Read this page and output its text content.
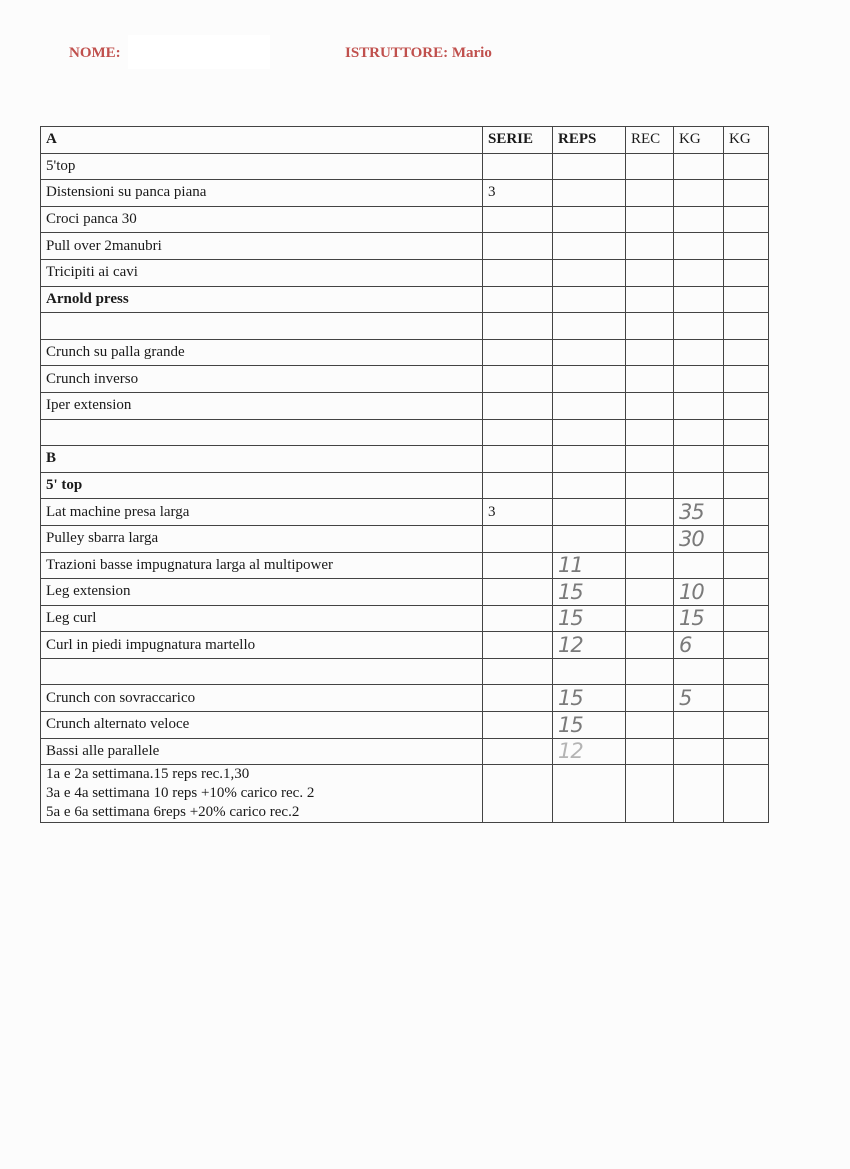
NOME:	ISTRUTTORE: Mario
A	SERIE	REPS	REC	KG	KG
5'top					
Distensioni su panca piana	3				
Croci panca 30					
Pull over 2manubri					
Tricipiti ai cavi					
Arnold press					

Crunch su palla grande					
Crunch inverso					
Iper extension					

B					
5' top					
Lat machine presa larga	3			35	
Pulley sbarra larga				30	
Trazioni basse impugnatura larga al multipower		11			
Leg extension		15		10	
Leg curl		15		15	
Curl in piedi impugnatura martello		12		6	

Crunch con sovraccarico		15		5	
Crunch alternato veloce		15			
Bassi alle parallele		12			

1a e 2a settimana.15 reps rec.1,30
3a e 4a settimana 10 reps +10% carico rec. 2
5a e 6a settimana 6reps +20% carico rec.2					
